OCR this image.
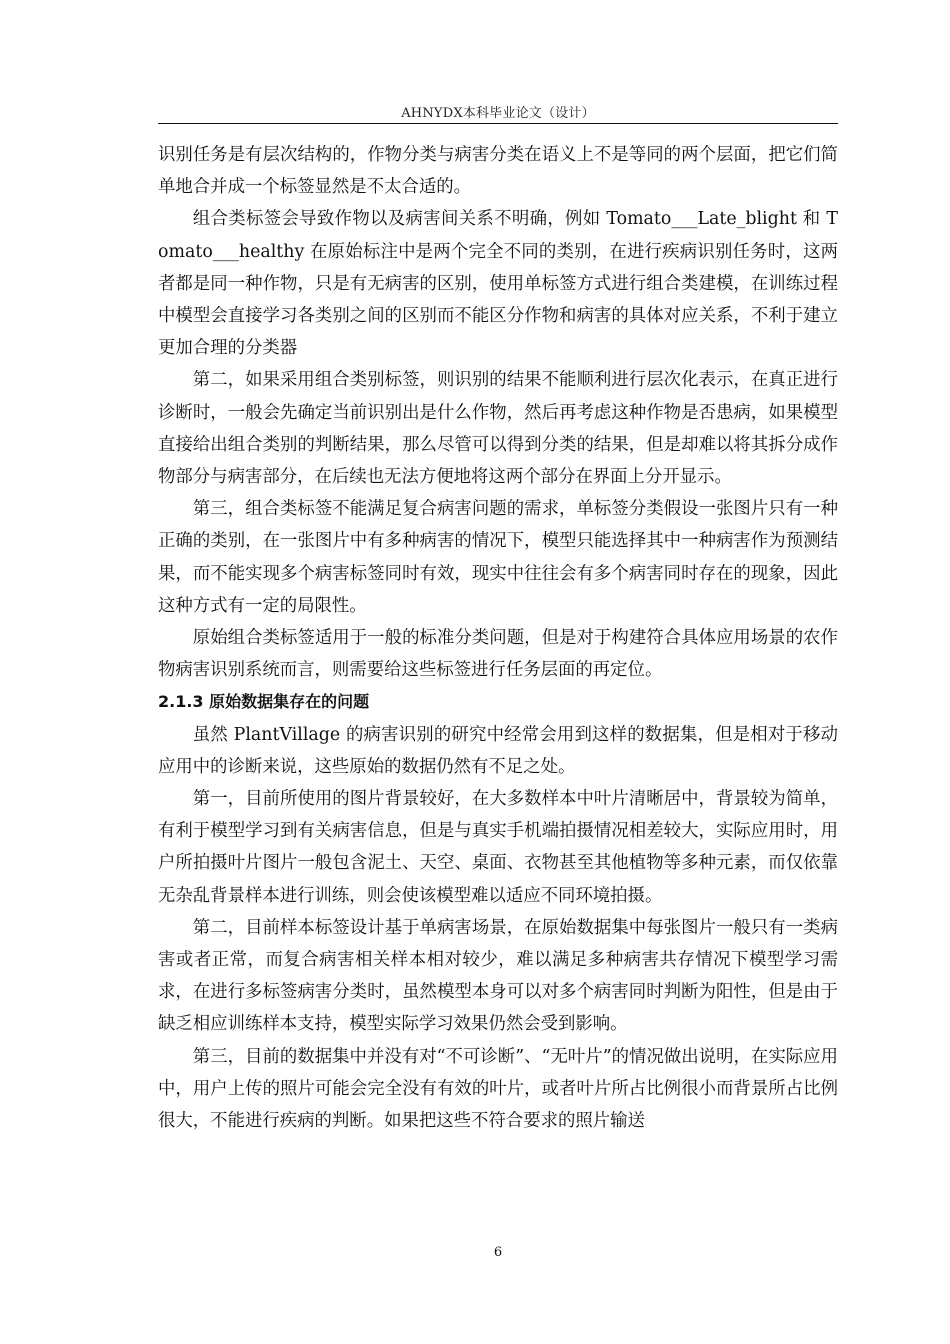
AHNYDX本科毕业论文（设计）

识别任务是有层次结构的，作物分类与病害分类在语义上不是等同的两个层面，把它们简单地合并成一个标签显然是不太合适的。

组合类标签会导致作物以及病害间关系不明确，例如 Tomato___Late_blight 和 Tomato___healthy 在原始标注中是两个完全不同的类别，在进行疾病识别任务时，这两者都是同一种作物，只是有无病害的区别，使用单标签方式进行组合类建模，在训练过程中模型会直接学习各类别之间的区别而不能区分作物和病害的具体对应关系，不利于建立更加合理的分类器

第二，如果采用组合类别标签，则识别的结果不能顺利进行层次化表示，在真正进行诊断时，一般会先确定当前识别出是什么作物，然后再考虑这种作物是否患病，如果模型直接给出组合类别的判断结果，那么尽管可以得到分类的结果，但是却难以将其拆分成作物部分与病害部分，在后续也无法方便地将这两个部分在界面上分开显示。

第三，组合类标签不能满足复合病害问题的需求，单标签分类假设一张图片只有一种正确的类别，在一张图片中有多种病害的情况下，模型只能选择其中一种病害作为预测结果，而不能实现多个病害标签同时有效，现实中往往会有多个病害同时存在的现象，因此这种方式有一定的局限性。

原始组合类标签适用于一般的标准分类问题，但是对于构建符合具体应用场景的农作物病害识别系统而言，则需要给这些标签进行任务层面的再定位。

2.1.3 原始数据集存在的问题

虽然 PlantVillage 的病害识别的研究中经常会用到这样的数据集，但是相对于移动应用中的诊断来说，这些原始的数据仍然有不足之处。

第一，目前所使用的图片背景较好，在大多数样本中叶片清晰居中，背景较为简单，有利于模型学习到有关病害信息，但是与真实手机端拍摄情况相差较大，实际应用时，用户所拍摄叶片图片一般包含泥土、天空、桌面、衣物甚至其他植物等多种元素，而仅依靠无杂乱背景样本进行训练，则会使该模型难以适应不同环境拍摄。

第二，目前样本标签设计基于单病害场景，在原始数据集中每张图片一般只有一类病害或者正常，而复合病害相关样本相对较少，难以满足多种病害共存情况下模型学习需求，在进行多标签病害分类时，虽然模型本身可以对多个病害同时判断为阳性，但是由于缺乏相应训练样本支持，模型实际学习效果仍然会受到影响。

第三，目前的数据集中并没有对“不可诊断”、“无叶片”的情况做出说明，在实际应用中，用户上传的照片可能会完全没有有效的叶片，或者叶片所占比例很小而背景所占比例很大，不能进行疾病的判断。如果把这些不符合要求的照片输送

6
